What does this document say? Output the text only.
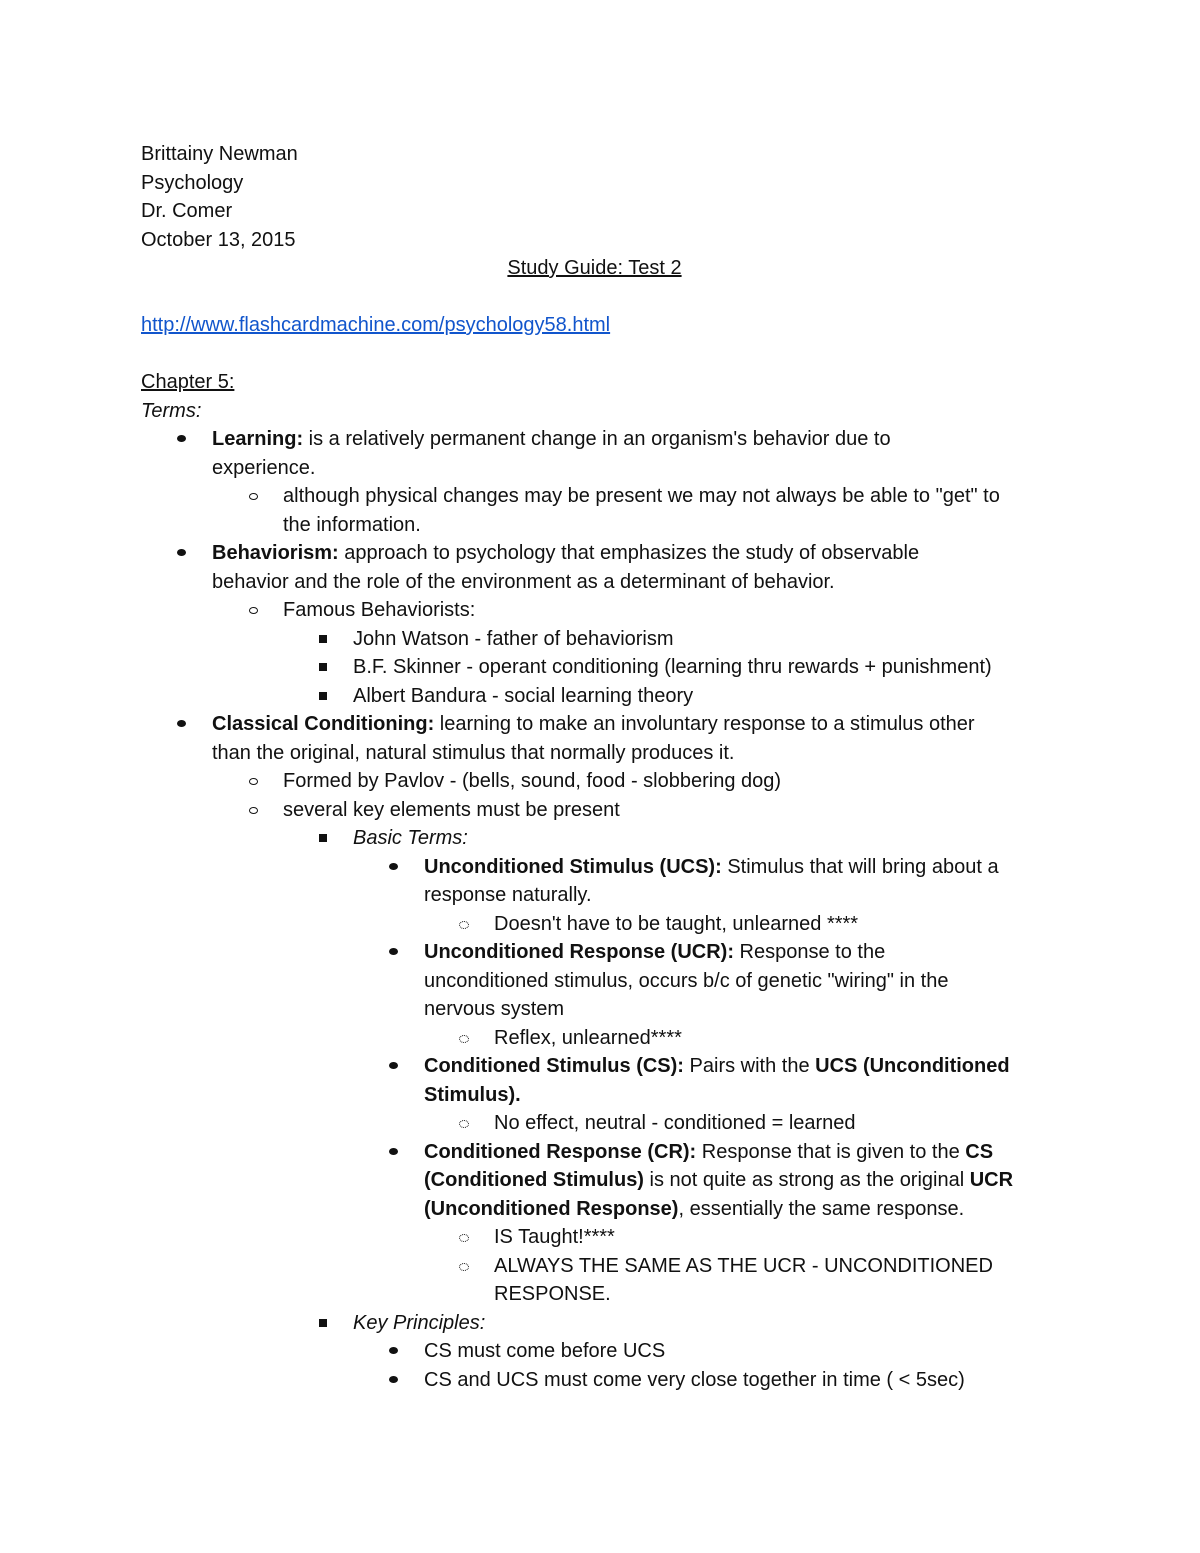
Brittainy Newman
Psychology
Dr. Comer
October 13, 2015
Study Guide: Test 2
http://www.flashcardmachine.com/psychology58.html
Chapter 5:
Terms:
Learning: is a relatively permanent change in an organism's behavior due to
experience.
although physical changes may be present we may not always be able to "get" to
the information.
Behaviorism: approach to psychology that emphasizes the study of observable
behavior and the role of the environment as a determinant of behavior.
Famous Behaviorists:
John Watson - father of behaviorism
B.F. Skinner - operant conditioning (learning thru rewards + punishment)
Albert Bandura - social learning theory
Classical Conditioning: learning to make an involuntary response to a stimulus other
than the original, natural stimulus that normally produces it.
Formed by Pavlov - (bells, sound, food - slobbering dog)
several key elements must be present
Basic Terms:
Unconditioned Stimulus (UCS): Stimulus that will bring about a
response naturally.
Doesn't have to be taught, unlearned ****
Unconditioned Response (UCR): Response to the
unconditioned stimulus, occurs b/c of genetic "wiring" in the
nervous system
Reflex, unlearned****
Conditioned Stimulus (CS): Pairs with the UCS (Unconditioned
Stimulus).
No effect, neutral - conditioned = learned
Conditioned Response (CR): Response that is given to the CS
(Conditioned Stimulus) is not quite as strong as the original UCR
(Unconditioned Response), essentially the same response.
IS Taught!****
ALWAYS THE SAME AS THE UCR - UNCONDITIONED
RESPONSE.
Key Principles:
CS must come before UCS
CS and UCS must come very close together in time ( < 5sec)
